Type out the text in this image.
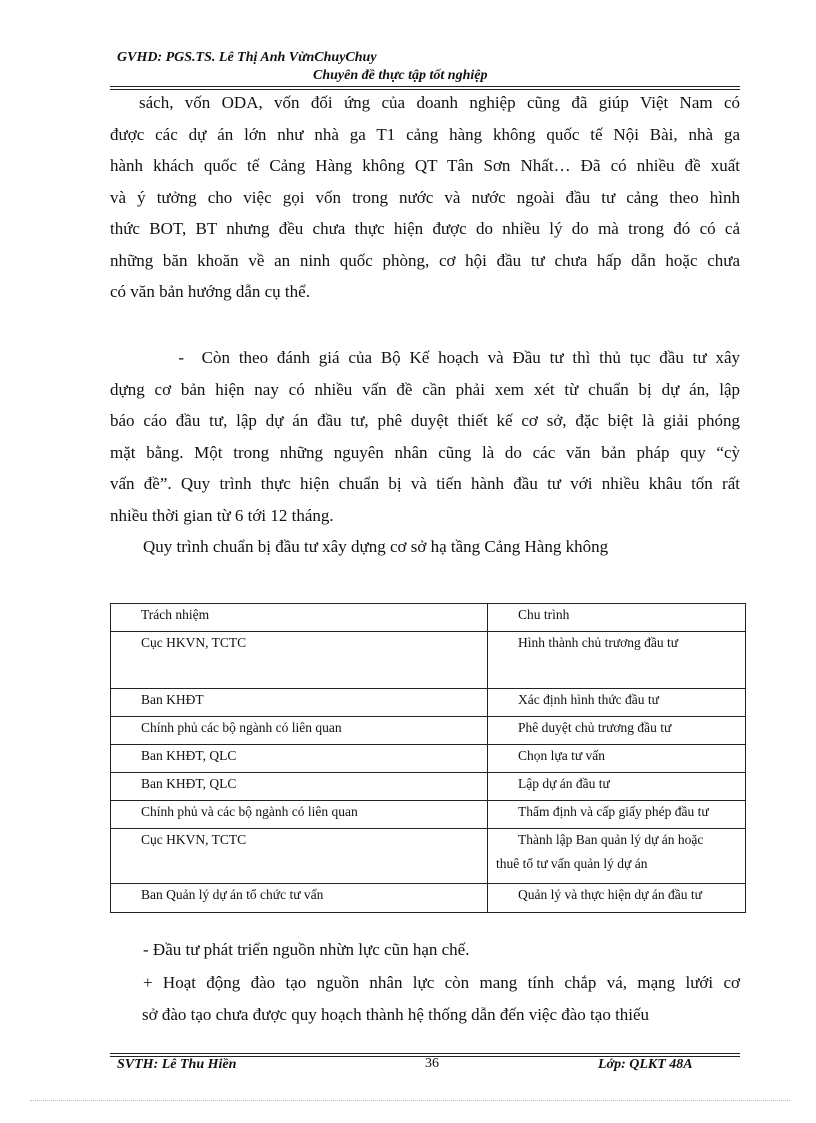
GVHD: PGS.TS. Lê Thị Anh VừnChuyChuy
Chuyên đề thực tập tốt nghiệp
sách, vốn ODA, vốn đối ứng của doanh nghiệp cũng đã giúp Việt Nam có
được các dự án lớn như nhà ga T1 cảng hàng không quốc tế Nội Bài, nhà ga
hành khách quốc tế Cảng Hàng không QT Tân Sơn Nhất… Đã có nhiều đề xuất
và ý tưởng cho việc gọi vốn trong nước và nước ngoài đầu tư cảng theo hình
thức BOT, BT nhưng đều chưa thực hiện được do nhiều lý do mà trong đó có cả
những băn khoăn về an ninh quốc phòng, cơ hội đầu tư chưa hấp dẫn hoặc chưa
có văn bản hướng dẫn cụ thể.
-  Còn theo đánh giá của Bộ Kế hoạch và Đầu tư thì thủ tục đầu tư xây
dựng cơ bản hiện nay có nhiều vấn đề cần phải xem xét từ chuẩn bị dự án, lập
báo cáo đầu tư, lập dự án đầu tư, phê duyệt thiết kế cơ sở, đặc biệt là giải phóng
mặt bằng. Một trong những nguyên nhân cũng là do các văn bản pháp quy “cỳ
vấn đề”. Quy trình thực hiện chuẩn bị và tiến hành đầu tư với nhiều khâu tốn rất
nhiều thời gian từ 6 tới 12 tháng.
Quy trình chuẩn bị đầu tư xây dựng cơ sở hạ tầng Cảng Hàng không
Trách nhiệm	Chu trình
Cục HKVN, TCTC	Hình thành chủ trương đầu tư
Ban KHĐT	Xác định hình thức đầu tư
Chính phủ các bộ ngành có liên quan	Phê duyệt chủ trương đầu tư
Ban KHĐT, QLC	Chọn lựa tư vấn
Ban KHĐT, QLC	Lập dự án đầu tư
Chính phủ và các bộ ngành có liên quan	Thẩm định và cấp giấy phép đầu tư
Cục HKVN, TCTC	Thành lập Ban quản lý dự án hoặc
thuê tổ tư vấn quản lý dự án

Ban Quản lý dự án tổ chức tư vấn	Quản lý và thực hiện dự án đầu tư
- Đầu tư phát triển nguồn nhừn lực cũn hạn chế.
+ Hoạt động đào tạo nguồn nhân lực còn mang tính chắp vá, mạng lưới cơ
sở đào tạo chưa được quy hoạch thành hệ thống dẫn đến việc đào tạo thiếu
SVTH: Lê Thu Hiền	36	Lớp: QLKT 48A
